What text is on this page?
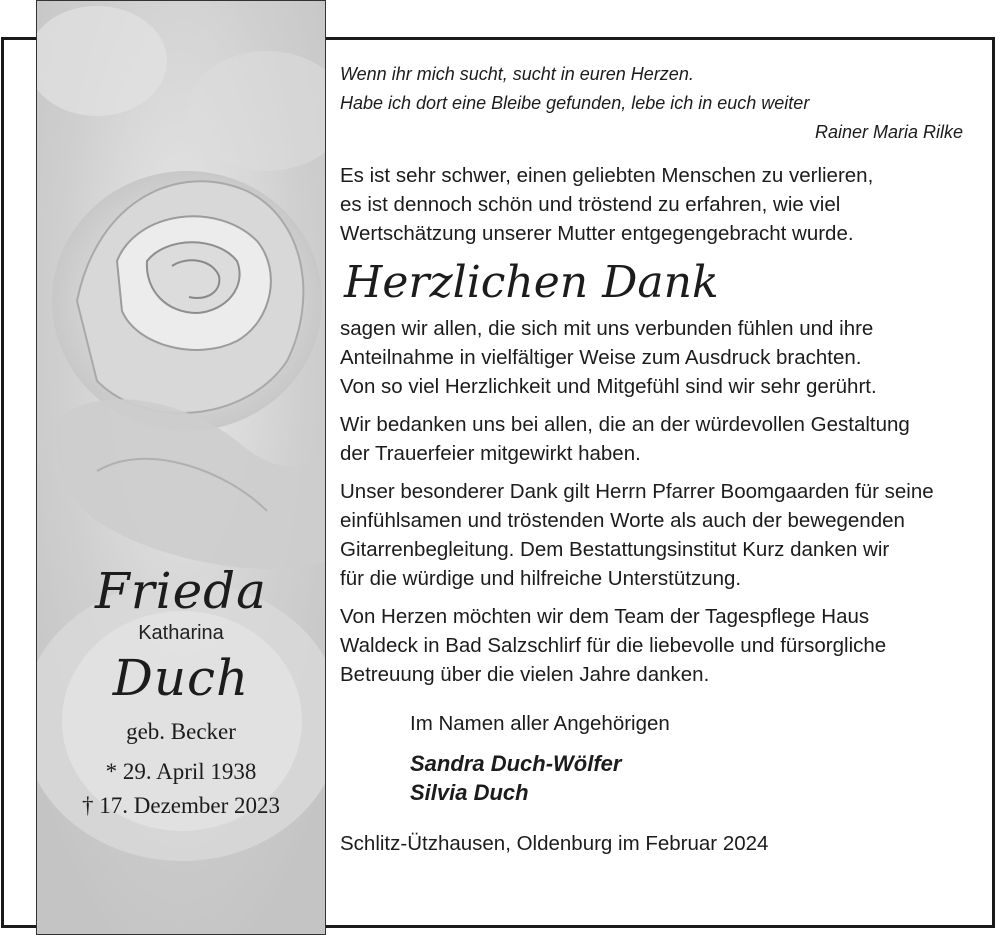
Frieda
Katharina
Duch
geb. Becker
* 29. April 1938
† 17. Dezember 2023

Wenn ihr mich sucht, sucht in euren Herzen.

Habe ich dort eine Bleibe gefunden, lebe ich in euch weiter

Rainer Maria Rilke

Es ist sehr schwer, einen geliebten Menschen zu verlieren,

es ist dennoch schön und tröstend zu erfahren, wie viel

Wertschätzung unserer Mutter entgegengebracht wurde.

Herzlichen Dank

sagen wir allen, die sich mit uns verbunden fühlen und ihre

Anteilnahme in vielfältiger Weise zum Ausdruck brachten.

Von so viel Herzlichkeit und Mitgefühl sind wir sehr gerührt.

Wir bedanken uns bei allen, die an der würdevollen Gestaltung

der Trauerfeier mitgewirkt haben.

Unser besonderer Dank gilt Herrn Pfarrer Boomgaarden für seine

einfühlsamen und tröstenden Worte als auch der bewegenden

Gitarrenbegleitung. Dem Bestattungsinstitut Kurz danken wir

für die würdige und hilfreiche Unterstützung.

Von Herzen möchten wir dem Team der Tagespflege Haus

Waldeck in Bad Salzschlirf für die liebevolle und fürsorgliche

Betreuung über die vielen Jahre danken.

Im Namen aller Angehörigen

Sandra Duch-Wölfer

Silvia Duch

Schlitz-Ützhausen, Oldenburg im Februar 2024
